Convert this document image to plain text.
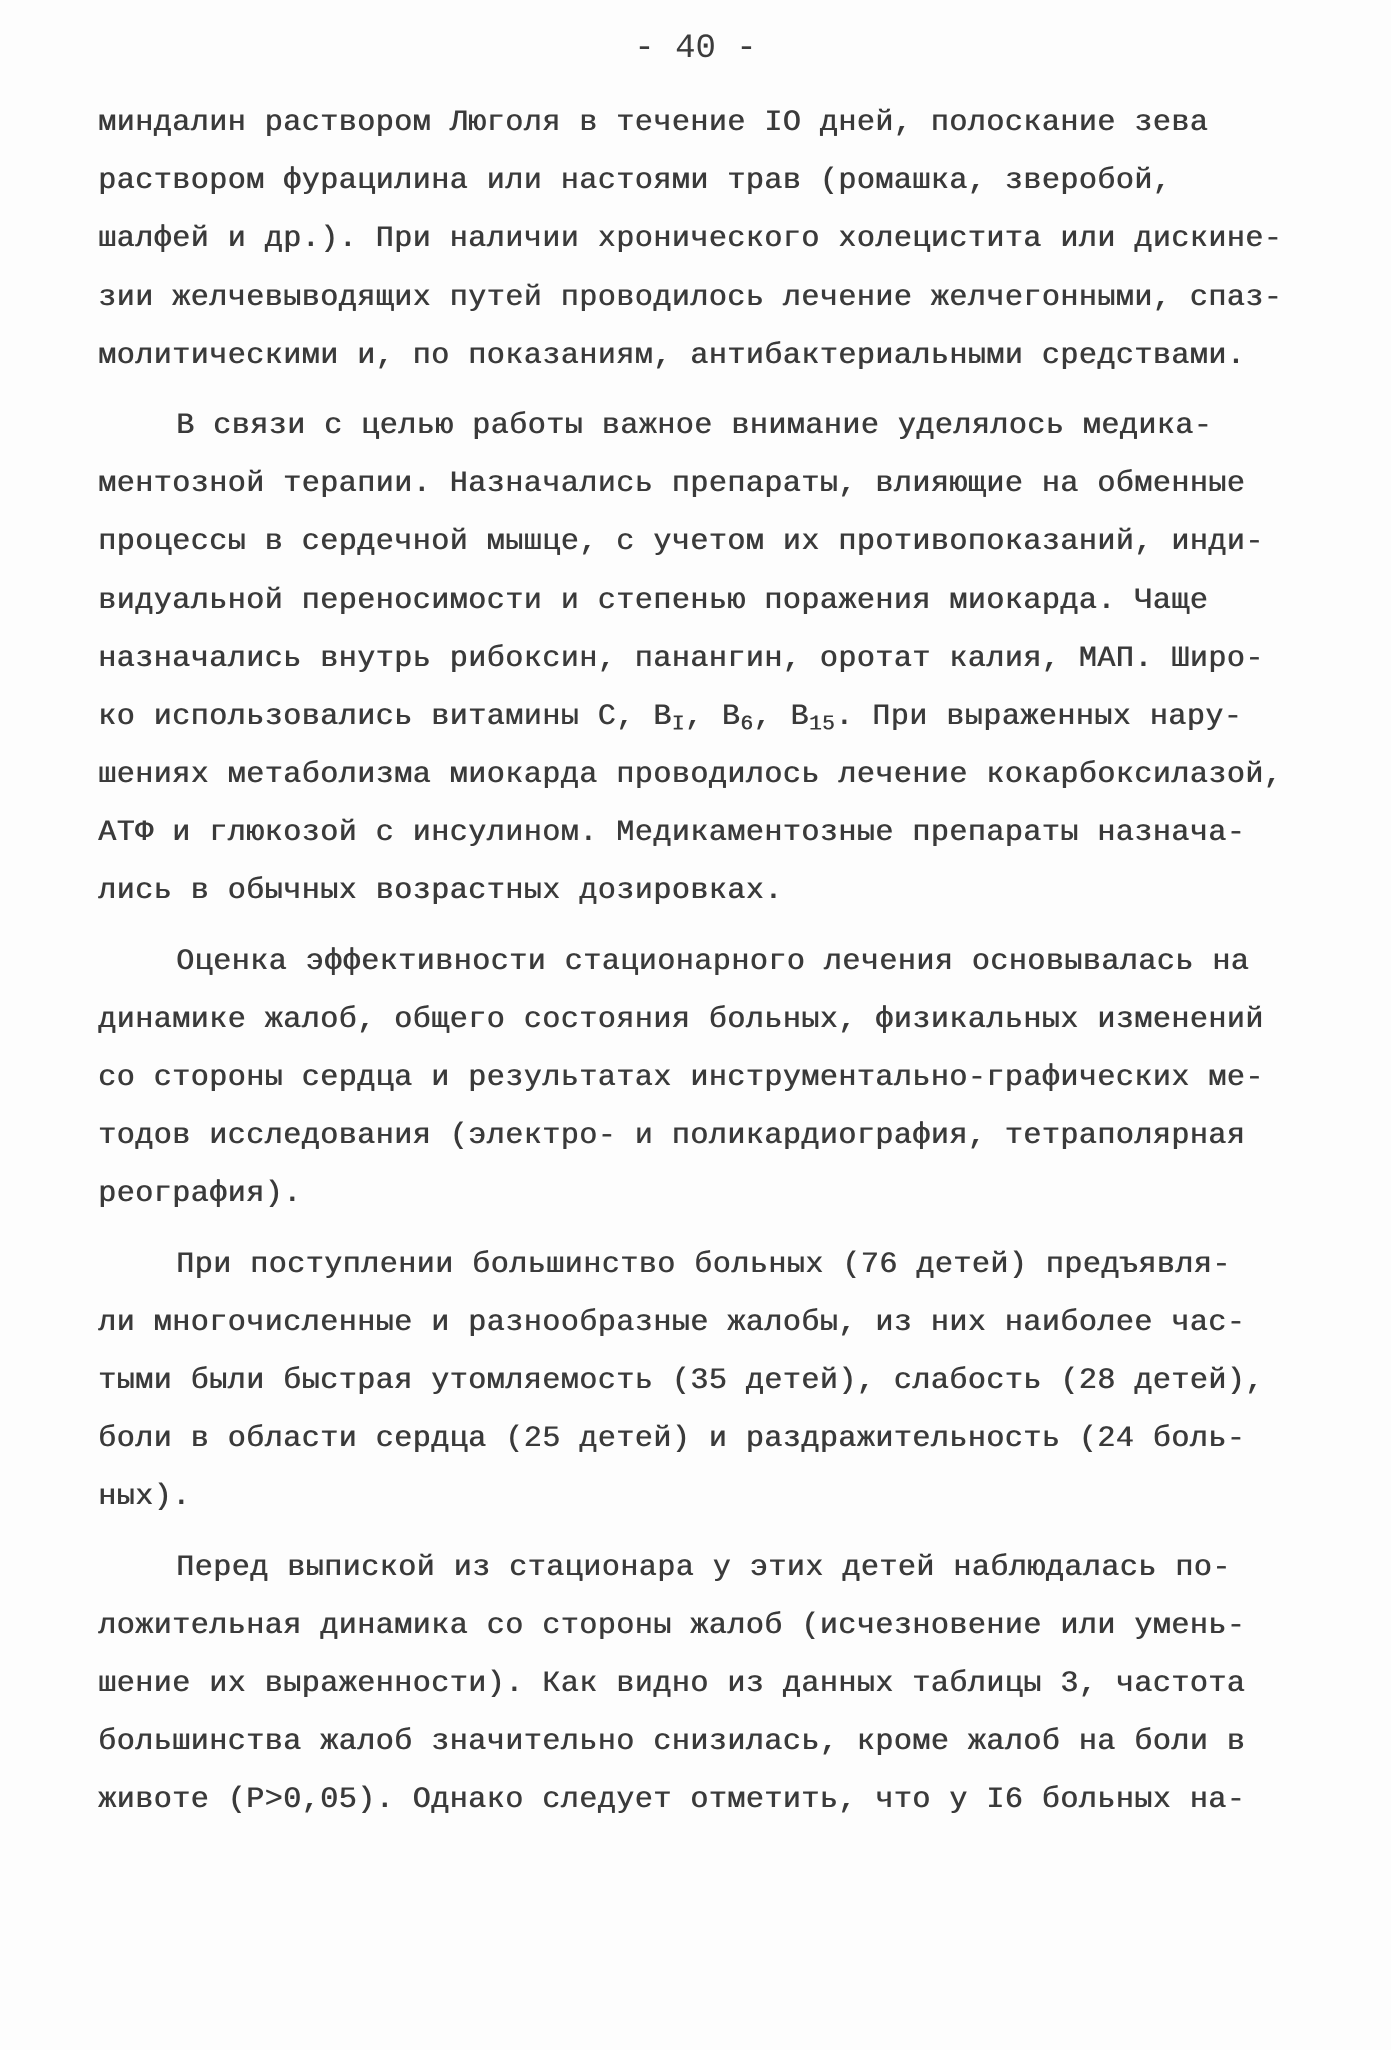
- 40 -
миндалин раствором Люголя в течение IO дней, полоскание зева
раствором фурацилина или настоями трав (ромашка, зверобой,
шалфей и др.). При наличии хронического холецистита или дискине-
зии желчевыводящих путей проводилось лечение желчегонными, спаз-
молитическими и, по показаниям, антибактериальными средствами.
В связи с целью работы важное внимание уделялось медика-
ментозной терапии. Назначались препараты, влияющие на обменные
процессы в сердечной мышце, с учетом их противопоказаний, инди-
видуальной переносимости и степенью поражения миокарда. Чаще
назначались внутрь рибоксин, панангин, оротат калия, МАП. Широ-
ко использовались витамины С, $В_I$, $В_6$, $В_{15}$. При выраженных нару-
шениях метаболизма миокарда проводилось лечение кокарбоксилазой,
АТФ и глюкозой с инсулином. Медикаментозные препараты назнача-
лись в обычных возрастных дозировках.
Оценка эффективности стационарного лечения основывалась на
динамике жалоб, общего состояния больных, физикальных изменений
со стороны сердца и результатах инструментально-графических ме-
тодов исследования (электро- и поликардиография, тетраполярная
реография).
При поступлении большинство больных (76 детей) предъявля-
ли многочисленные и разнообразные жалобы, из них наиболее час-
тыми были быстрая утомляемость (35 детей), слабость (28 детей),
боли в области сердца (25 детей) и раздражительность (24 боль-
ных).
Перед выпиской из стационара у этих детей наблюдалась по-
ложительная динамика со стороны жалоб (исчезновение или умень-
шение их выраженности). Как видно из данных таблицы 3, частота
большинства жалоб значительно снизилась, кроме жалоб на боли в
животе (P>0,05). Однако следует отметить, что у I6 больных на-
